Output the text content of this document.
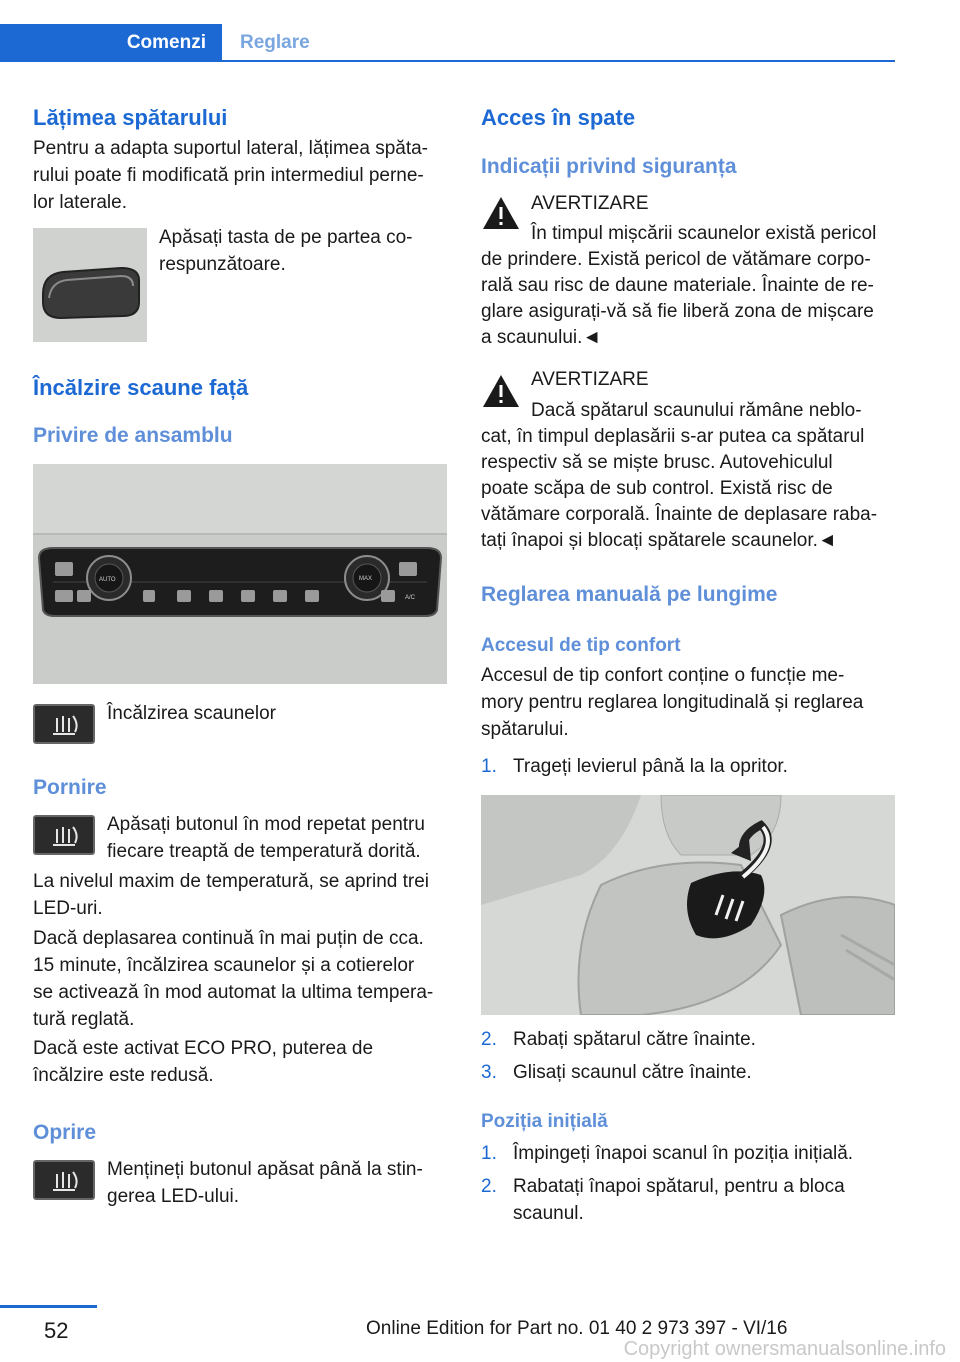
Comenzi	Reglare
Lățimea spătarului
Pentru a adapta suportul lateral, lățimea spăta-
rului poate fi modificată prin intermediul perne-
lor laterale.
Apăsați tasta de pe partea co-
respunzătoare.
Încălzire scaune față
Privire de ansamblu
AUTO	MAX
A/C
Încălzirea scaunelor
Pornire
Apăsați butonul în mod repetat pentru
fiecare treaptă de temperatură dorită.
La nivelul maxim de temperatură, se aprind trei
LED-uri.
Dacă deplasarea continuă în mai puțin de cca.
15 minute, încălzirea scaunelor și a cotierelor
se activează în mod automat la ultima tempera-
tură reglată.
Dacă este activat ECO PRO, puterea de
încălzire este redusă.
Oprire
Mențineți butonul apăsat până la stin-
gerea LED-ului.
Acces în spate
Indicații privind siguranța
AVERTIZARE
În timpul mișcării scaunelor există pericol
de prindere. Există pericol de vătămare corpo-
rală sau risc de daune materiale. Înainte de re-
glare asigurați-vă să fie liberă zona de mișcare
a scaunului.◄
AVERTIZARE
Dacă spătarul scaunului rămâne neblo-
cat, în timpul deplasării s-ar putea ca spătarul
respectiv să se miște brusc. Autovehiculul
poate scăpa de sub control. Există risc de
vătămare corporală. Înainte de deplasare raba-
tați înapoi și blocați spătarele scaunelor.◄
Reglarea manuală pe lungime
Accesul de tip confort
Accesul de tip confort conține o funcție me-
mory pentru reglarea longitudinală și reglarea
spătarului.
1. Trageți levierul până la la opritor.
2. Rabați spătarul către înainte.
3. Glisați scaunul către înainte.
Poziția inițială
1. Împingeți înapoi scanul în poziția inițială.
2. Rabatați înapoi spătarul, pentru a bloca
scaunul.
52	Online Edition for Part no. 01 40 2 973 397 - VI/16
Copyright ownersmanualsonline.info
